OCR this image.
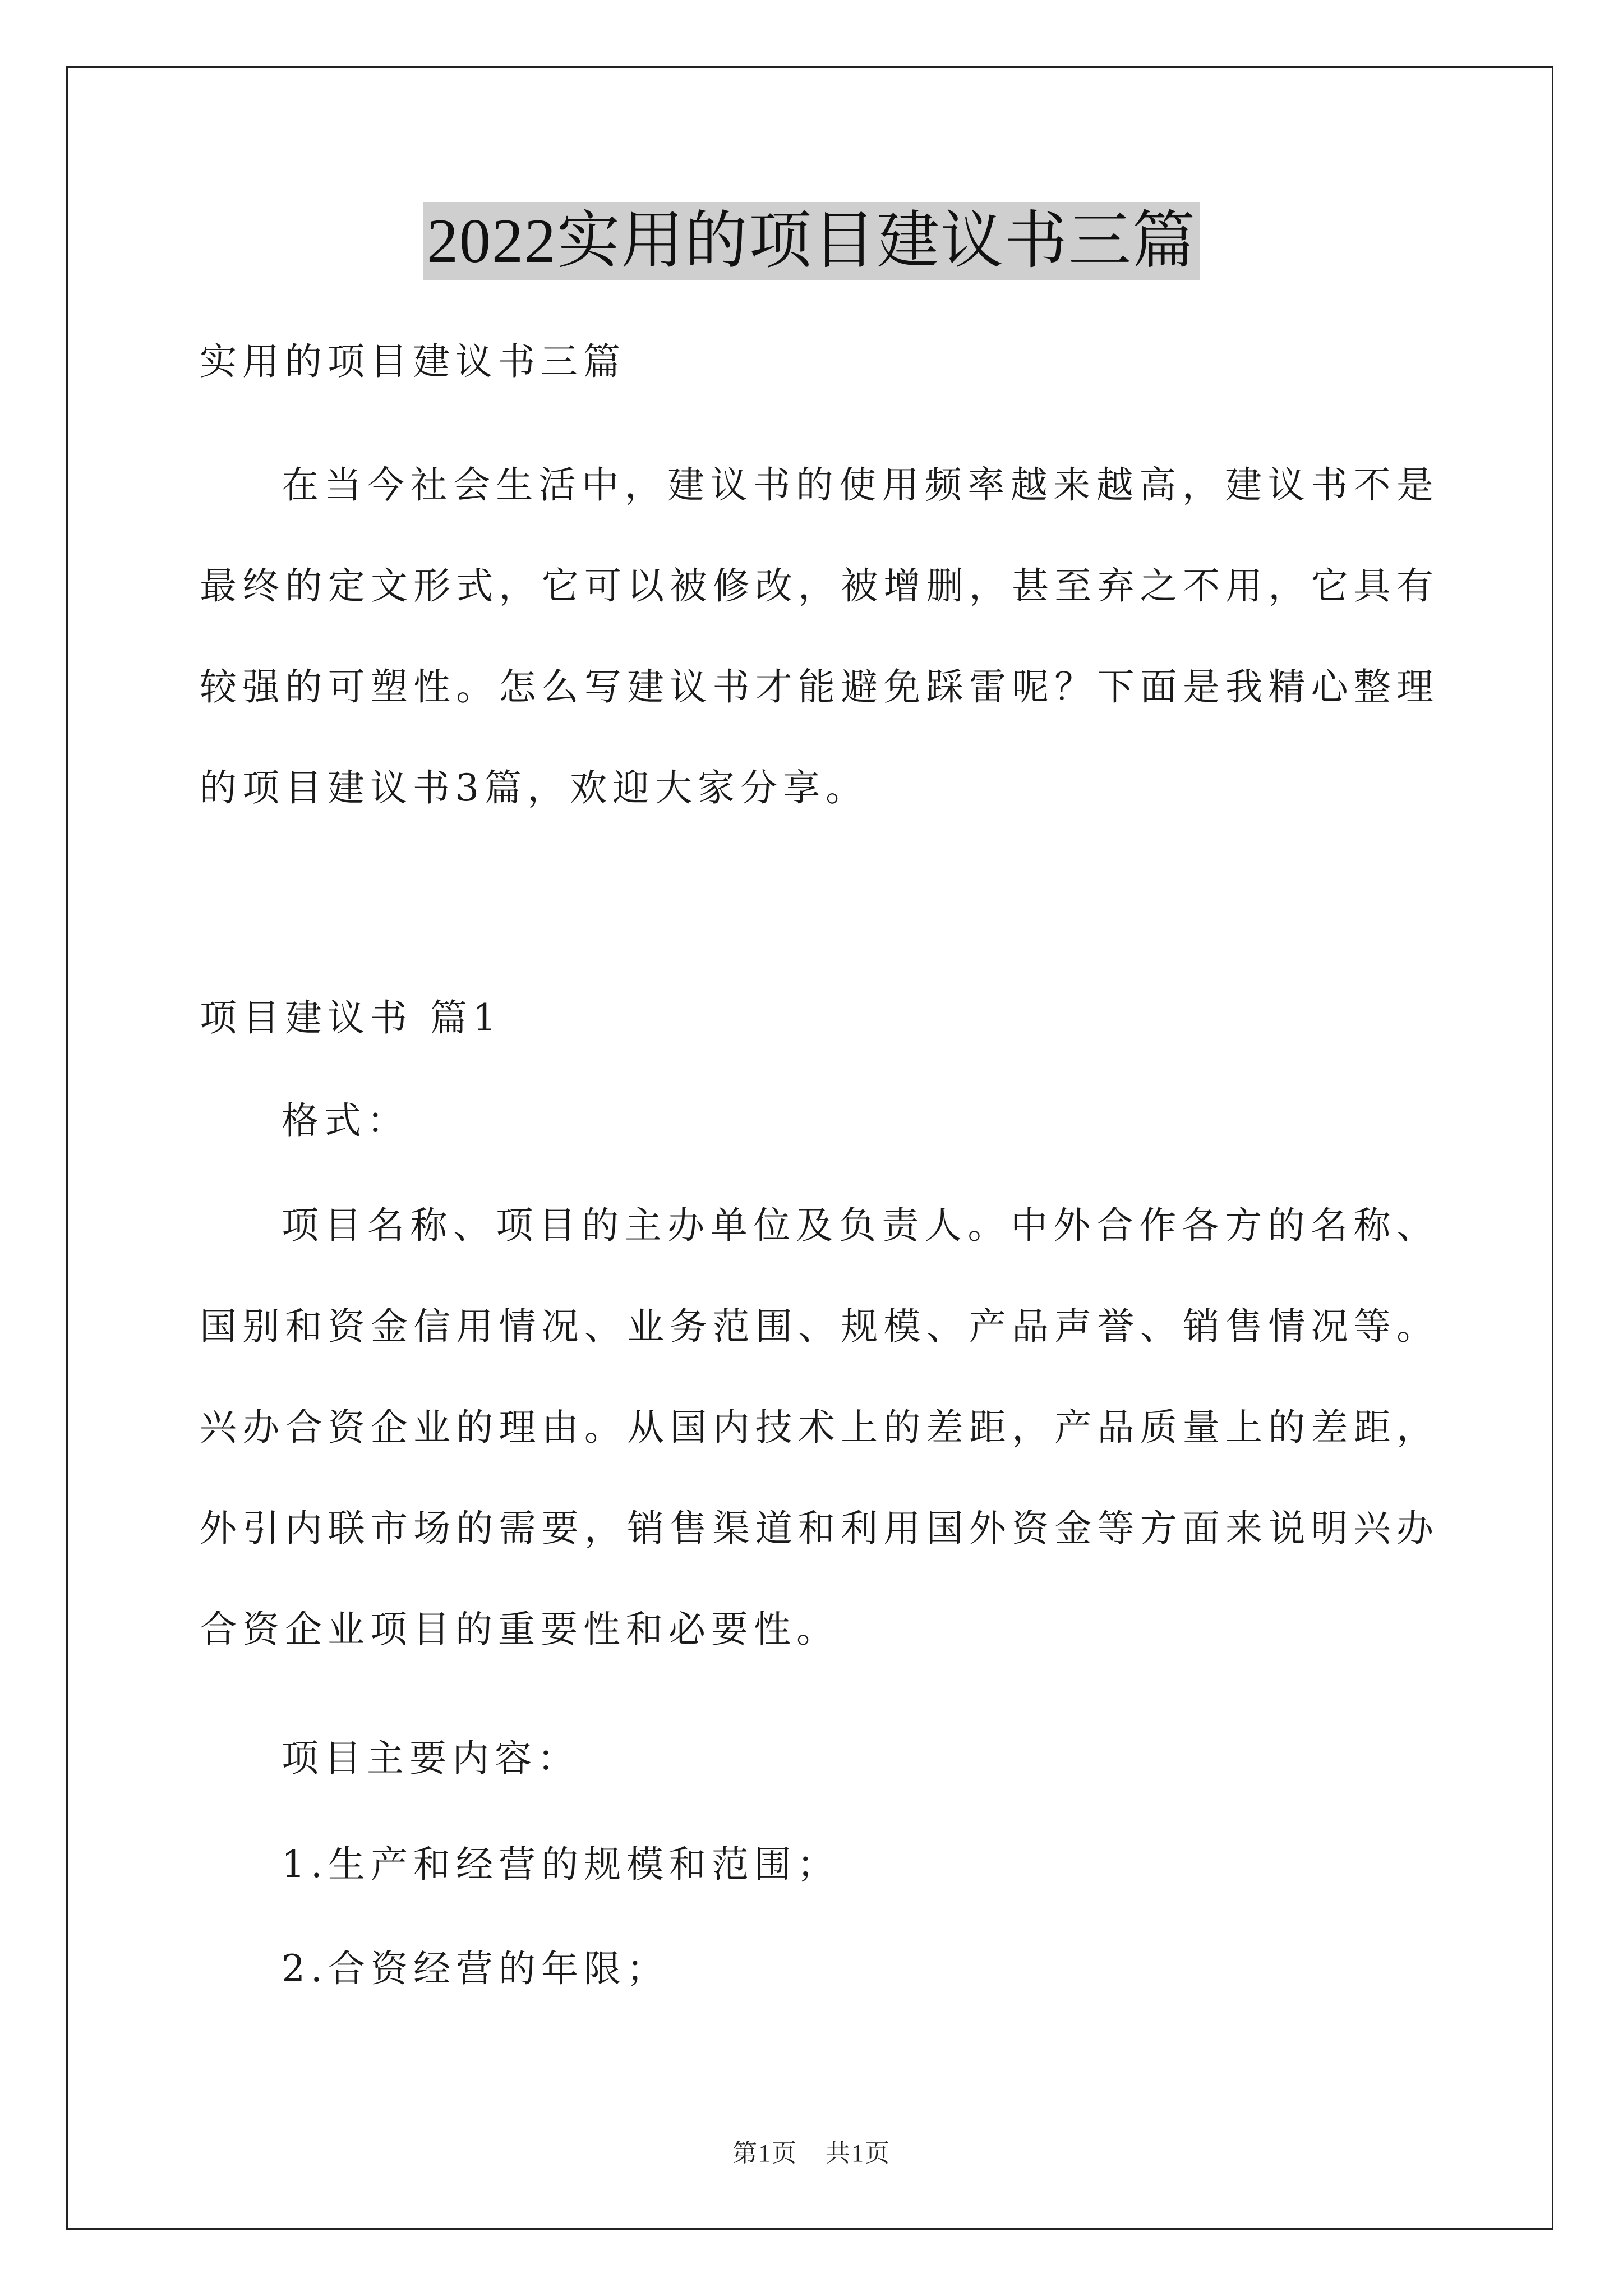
2022实用的项目建议书三篇
实用的项目建议书三篇
在当今社会生活中，建议书的使用频率越来越高，建议书不是最终的定文形式，它可以被修改，被增删，甚至弃之不用，它具有较强的可塑性。怎么写建议书才能避免踩雷呢？下面是我精心整理的项目建议书3篇，欢迎大家分享。
项目建议书 篇1
格式：
项目名称、项目的主办单位及负责人。中外合作各方的名称、国别和资金信用情况、业务范围、规模、产品声誉、销售情况等。兴办合资企业的理由。从国内技术上的差距，产品质量上的差距，外引内联市场的需要，销售渠道和利用国外资金等方面来说明兴办合资企业项目的重要性和必要性。
项目主要内容：
1.生产和经营的规模和范围；
2.合资经营的年限；
第1页 共1页
